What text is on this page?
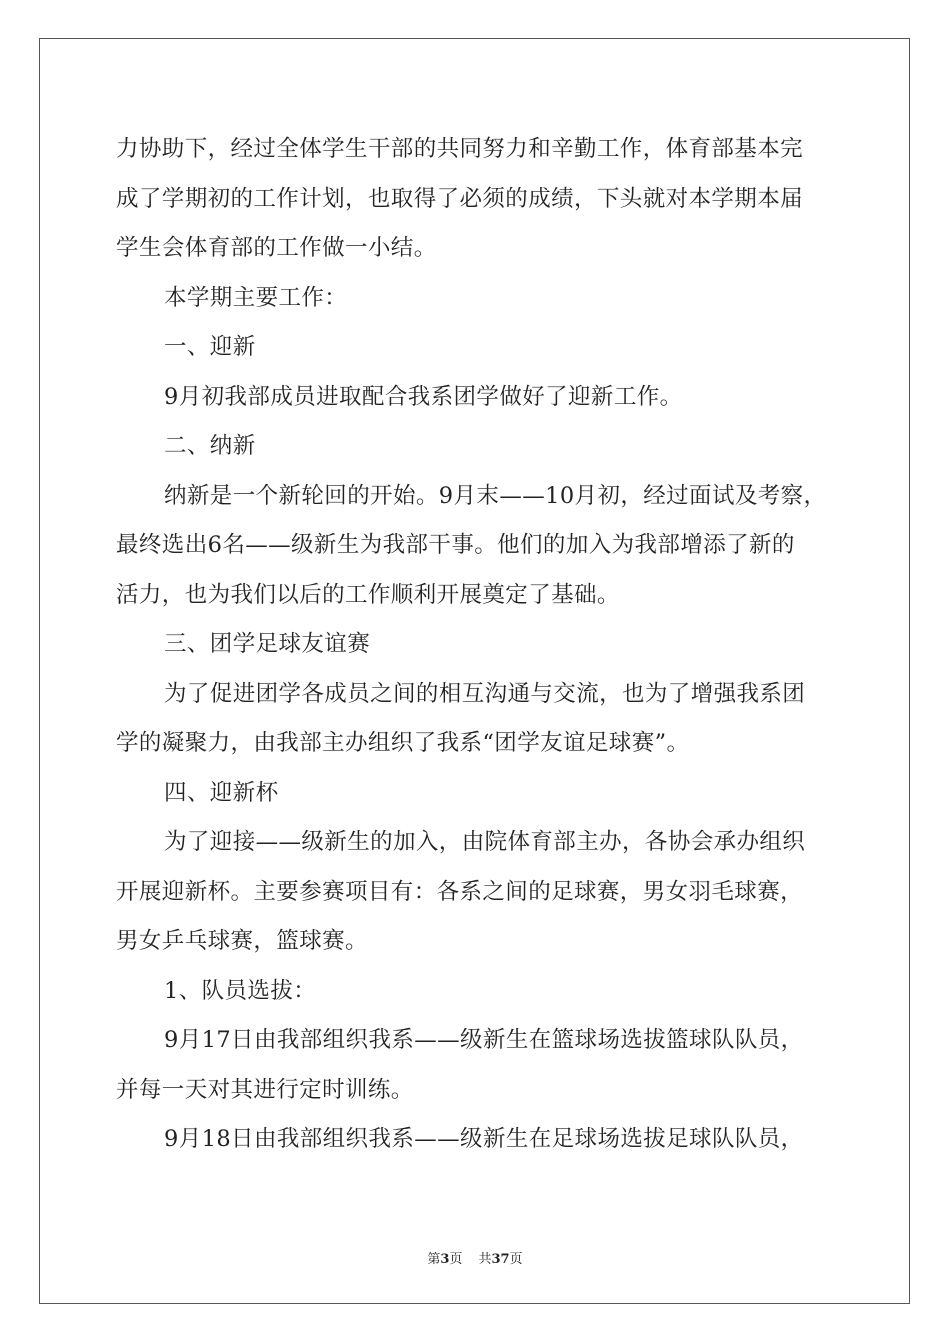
力协助下，经过全体学生干部的共同努力和辛勤工作，体育部基本完
成了学期初的工作计划，也取得了必须的成绩，下头就对本学期本届
学生会体育部的工作做一小结。
本学期主要工作：
一、迎新
9月初我部成员进取配合我系团学做好了迎新工作。
二、纳新
纳新是一个新轮回的开始。9月末——10月初，经过面试及考察，
最终选出6名——级新生为我部干事。他们的加入为我部增添了新的
活力，也为我们以后的工作顺利开展奠定了基础。
三、团学足球友谊赛
为了促进团学各成员之间的相互沟通与交流，也为了增强我系团
学的凝聚力，由我部主办组织了我系“团学友谊足球赛”。
四、迎新杯
为了迎接——级新生的加入，由院体育部主办，各协会承办组织
开展迎新杯。主要参赛项目有：各系之间的足球赛，男女羽毛球赛，
男女乒乓球赛，篮球赛。
1、队员选拔：
9月17日由我部组织我系——级新生在篮球场选拔篮球队队员，
并每一天对其进行定时训练。
9月18日由我部组织我系——级新生在足球场选拔足球队队员，
第3页 共37页
